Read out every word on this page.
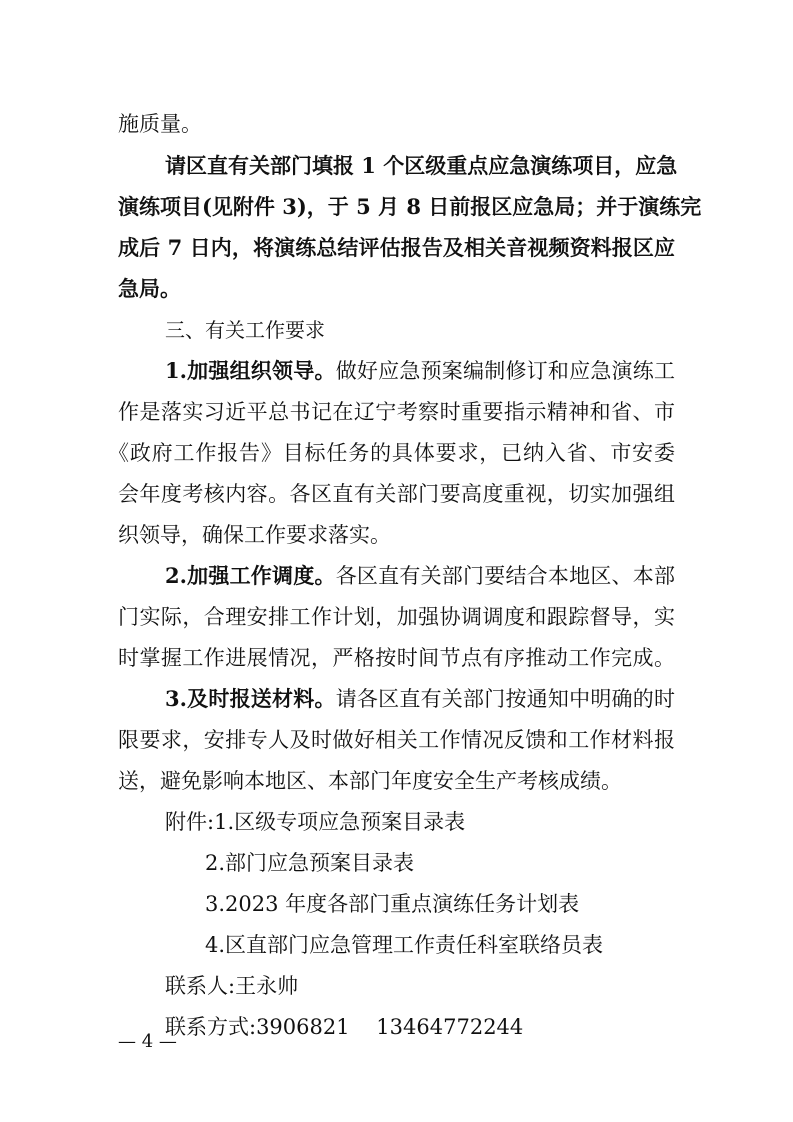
施质量。

请区直有关部门填报 1 个区级重点应急演练项目，应急

演练项目(见附件 3)，于 5 月 8 日前报区应急局；并于演练完

成后 7 日内，将演练总结评估报告及相关音视频资料报区应

急局。

三、有关工作要求

1.加强组织领导。做好应急预案编制修订和应急演练工

作是落实习近平总书记在辽宁考察时重要指示精神和省、市

《政府工作报告》目标任务的具体要求，已纳入省、市安委

会年度考核内容。各区直有关部门要高度重视，切实加强组

织领导，确保工作要求落实。

2.加强工作调度。各区直有关部门要结合本地区、本部

门实际，合理安排工作计划，加强协调调度和跟踪督导，实

时掌握工作进展情况，严格按时间节点有序推动工作完成。

3.及时报送材料。请各区直有关部门按通知中明确的时

限要求，安排专人及时做好相关工作情况反馈和工作材料报

送，避免影响本地区、本部门年度安全生产考核成绩。

附件:1.区级专项应急预案目录表

2.部门应急预案目录表

3.2023 年度各部门重点演练任务计划表

4.区直部门应急管理工作责任科室联络员表

联系人:王永帅

联系方式:3906821    13464772244

— 4 —
